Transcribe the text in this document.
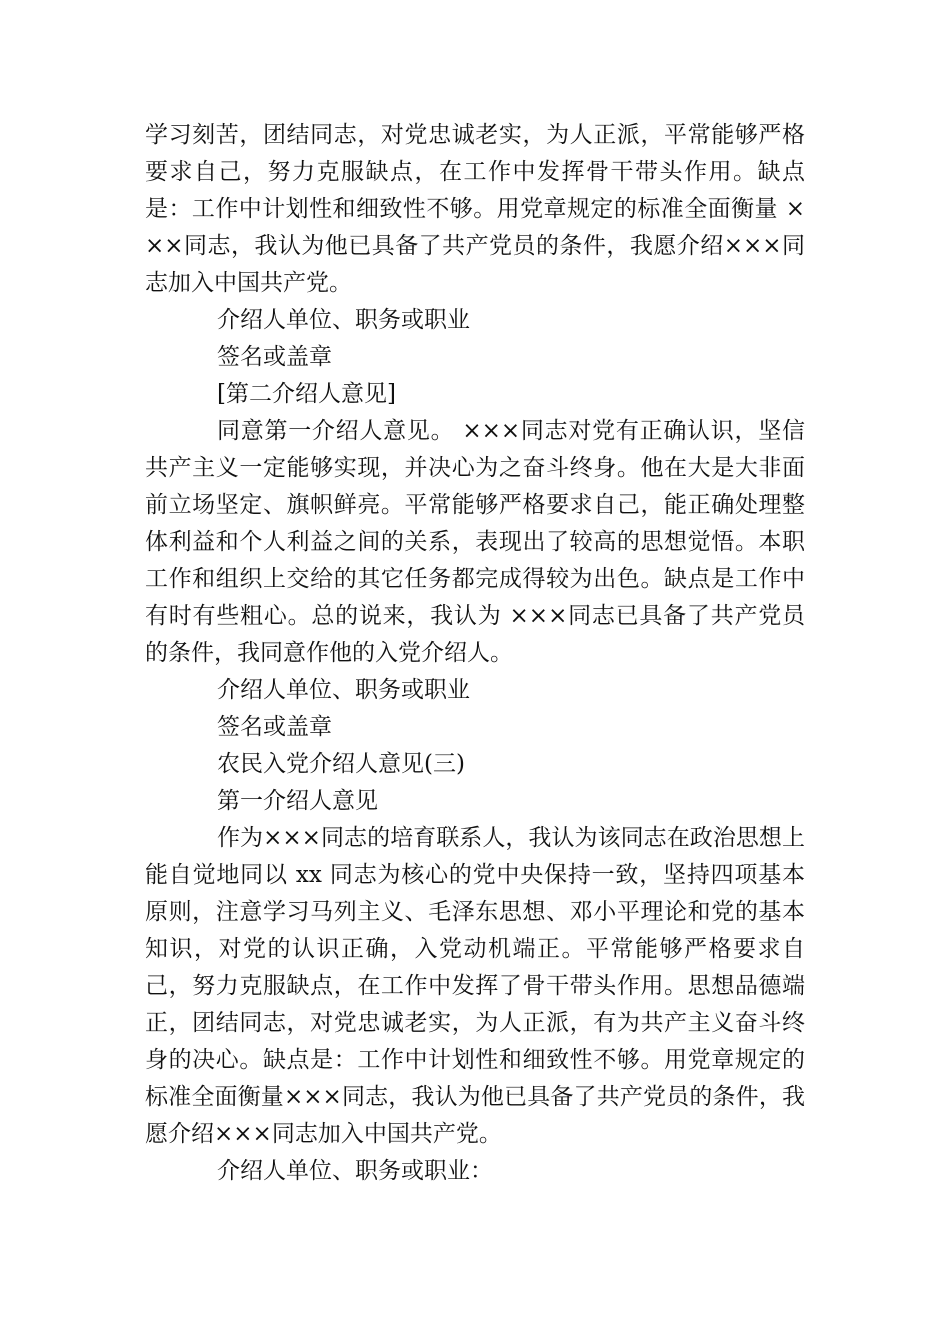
学习刻苦，团结同志，对党忠诚老实，为人正派，平常能够严格要求自己，努力克服缺点，在工作中发挥骨干带头作用。缺点是：工作中计划性和细致性不够。用党章规定的标准全面衡量 ×××同志，我认为他已具备了共产党员的条件，我愿介绍×××同志加入中国共产党。

介绍人单位、职务或职业

签名或盖章

[第二介绍人意见]

同意第一介绍人意见。 ×××同志对党有正确认识，坚信共产主义一定能够实现，并决心为之奋斗终身。他在大是大非面前立场坚定、旗帜鲜亮。平常能够严格要求自己，能正确处理整体利益和个人利益之间的关系，表现出了较高的思想觉悟。本职工作和组织上交给的其它任务都完成得较为出色。缺点是工作中有时有些粗心。总的说来，我认为 ×××同志已具备了共产党员的条件，我同意作他的入党介绍人。

介绍人单位、职务或职业

签名或盖章

农民入党介绍人意见(三)

第一介绍人意见

作为×××同志的培育联系人，我认为该同志在政治思想上能自觉地同以 xx 同志为核心的党中央保持一致，坚持四项基本原则，注意学习马列主义、毛泽东思想、邓小平理论和党的基本知识，对党的认识正确，入党动机端正。平常能够严格要求自己，努力克服缺点，在工作中发挥了骨干带头作用。思想品德端正，团结同志，对党忠诚老实，为人正派，有为共产主义奋斗终身的决心。缺点是：工作中计划性和细致性不够。用党章规定的标准全面衡量×××同志，我认为他已具备了共产党员的条件，我愿介绍×××同志加入中国共产党。

介绍人单位、职务或职业：
